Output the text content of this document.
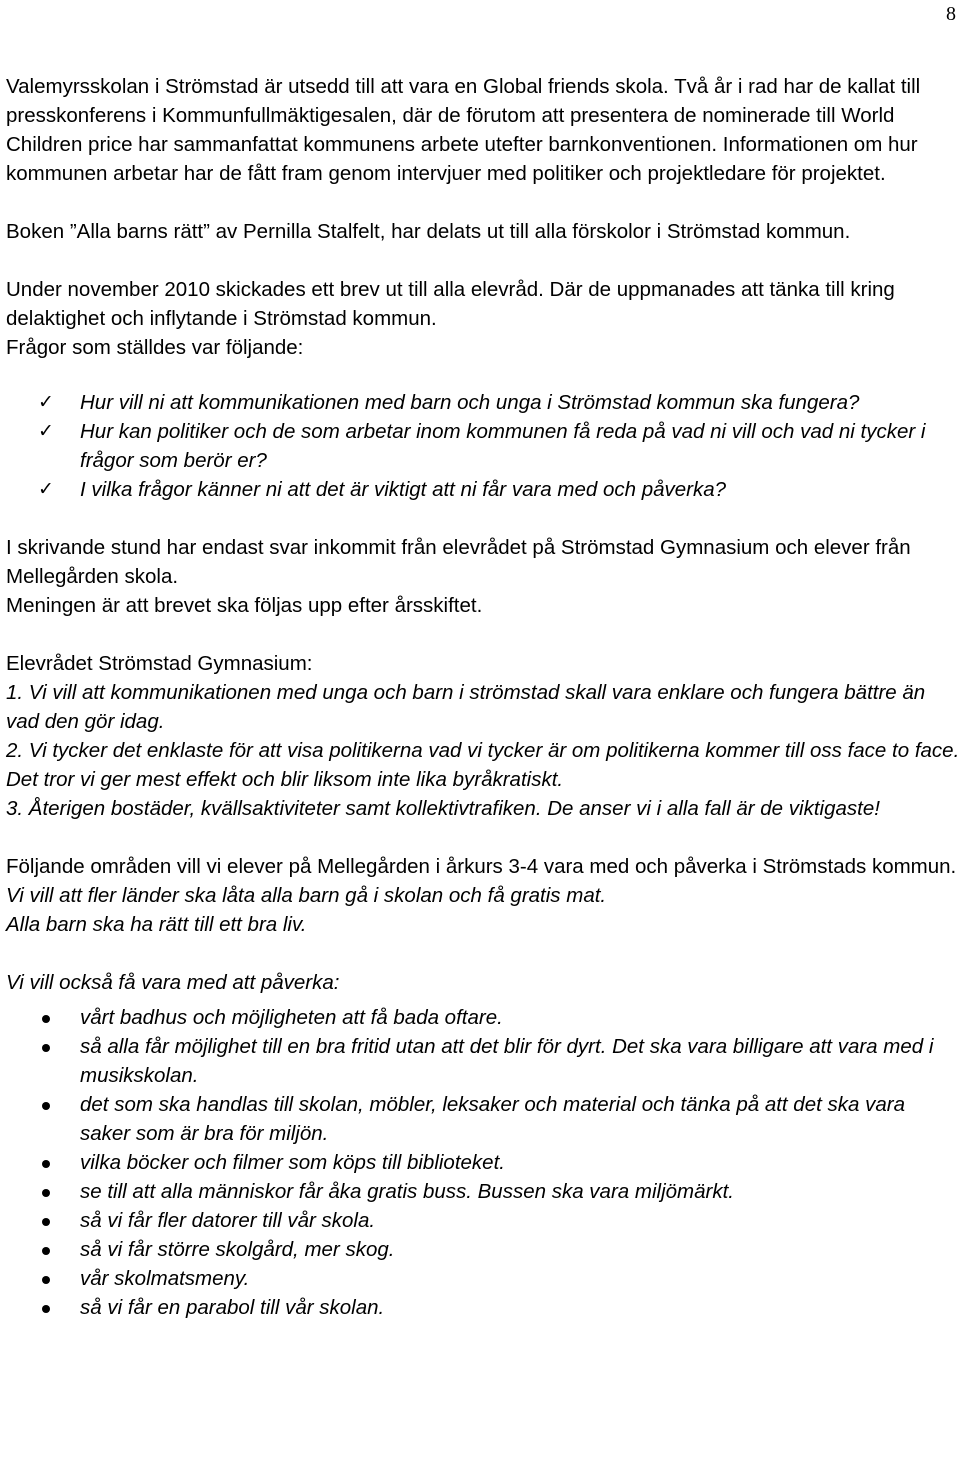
8

Valemyrsskolan i Strömstad är utsedd till att vara en Global friends skola. Två år i rad har de kallat till presskonferens i Kommunfullmäktigesalen, där de förutom att presentera de nominerade till World Children price har sammanfattat kommunens arbete utefter barnkonventionen. Informationen om hur kommunen arbetar har de fått fram genom intervjuer med politiker och projektledare för projektet.

Boken ”Alla barns rätt” av Pernilla Stalfelt, har delats ut till alla förskolor i Strömstad kommun.

Under november 2010 skickades ett brev ut till alla elevråd. Där de uppmanades att tänka till kring delaktighet och inflytande i Strömstad kommun.

Frågor som ställdes var följande:

✓ Hur vill ni att kommunikationen med barn och unga i Strömstad kommun ska fungera?
✓ Hur kan politiker och de som arbetar inom kommunen få reda på vad ni vill och vad ni tycker i frågor som berör er?
✓ I vilka frågor känner ni att det är viktigt att ni får vara med och påverka?

I skrivande stund har endast svar inkommit från elevrådet på Strömstad Gymnasium och elever från Mellegården skola.

Meningen är att brevet ska följas upp efter årsskiftet.

Elevrådet Strömstad Gymnasium:

1. Vi vill att kommunikationen med unga och barn i strömstad skall vara enklare och fungera bättre än vad den gör idag.

2. Vi tycker det enklaste för att visa politikerna vad vi tycker är om politikerna kommer till oss face to face. Det tror vi ger mest effekt och blir liksom inte lika byråkratiskt.

3. Återigen bostäder, kvällsaktiviteter samt kollektivtrafiken. De anser vi i alla fall är de viktigaste!

Följande områden vill vi elever på Mellegården i årkurs 3-4 vara med och påverka i Strömstads kommun.

Vi vill att fler länder ska låta alla barn gå i skolan och få gratis mat.

Alla barn ska ha rätt till ett bra liv.

Vi vill också få vara med att påverka:

vårt badhus och möjligheten att få bada oftare.
så alla får möjlighet till en bra fritid utan att det blir för dyrt. Det ska vara billigare att vara med i musikskolan.
det som ska handlas till skolan, möbler, leksaker och material och tänka på att det ska vara saker som är bra för miljön.
vilka böcker och filmer som köps till biblioteket.
se till att alla människor får åka gratis buss. Bussen ska vara miljömärkt.
så vi får fler datorer till vår skola.
så vi får större skolgård, mer skog.
vår skolmatsmeny.
så vi får en parabol till vår skolan.
